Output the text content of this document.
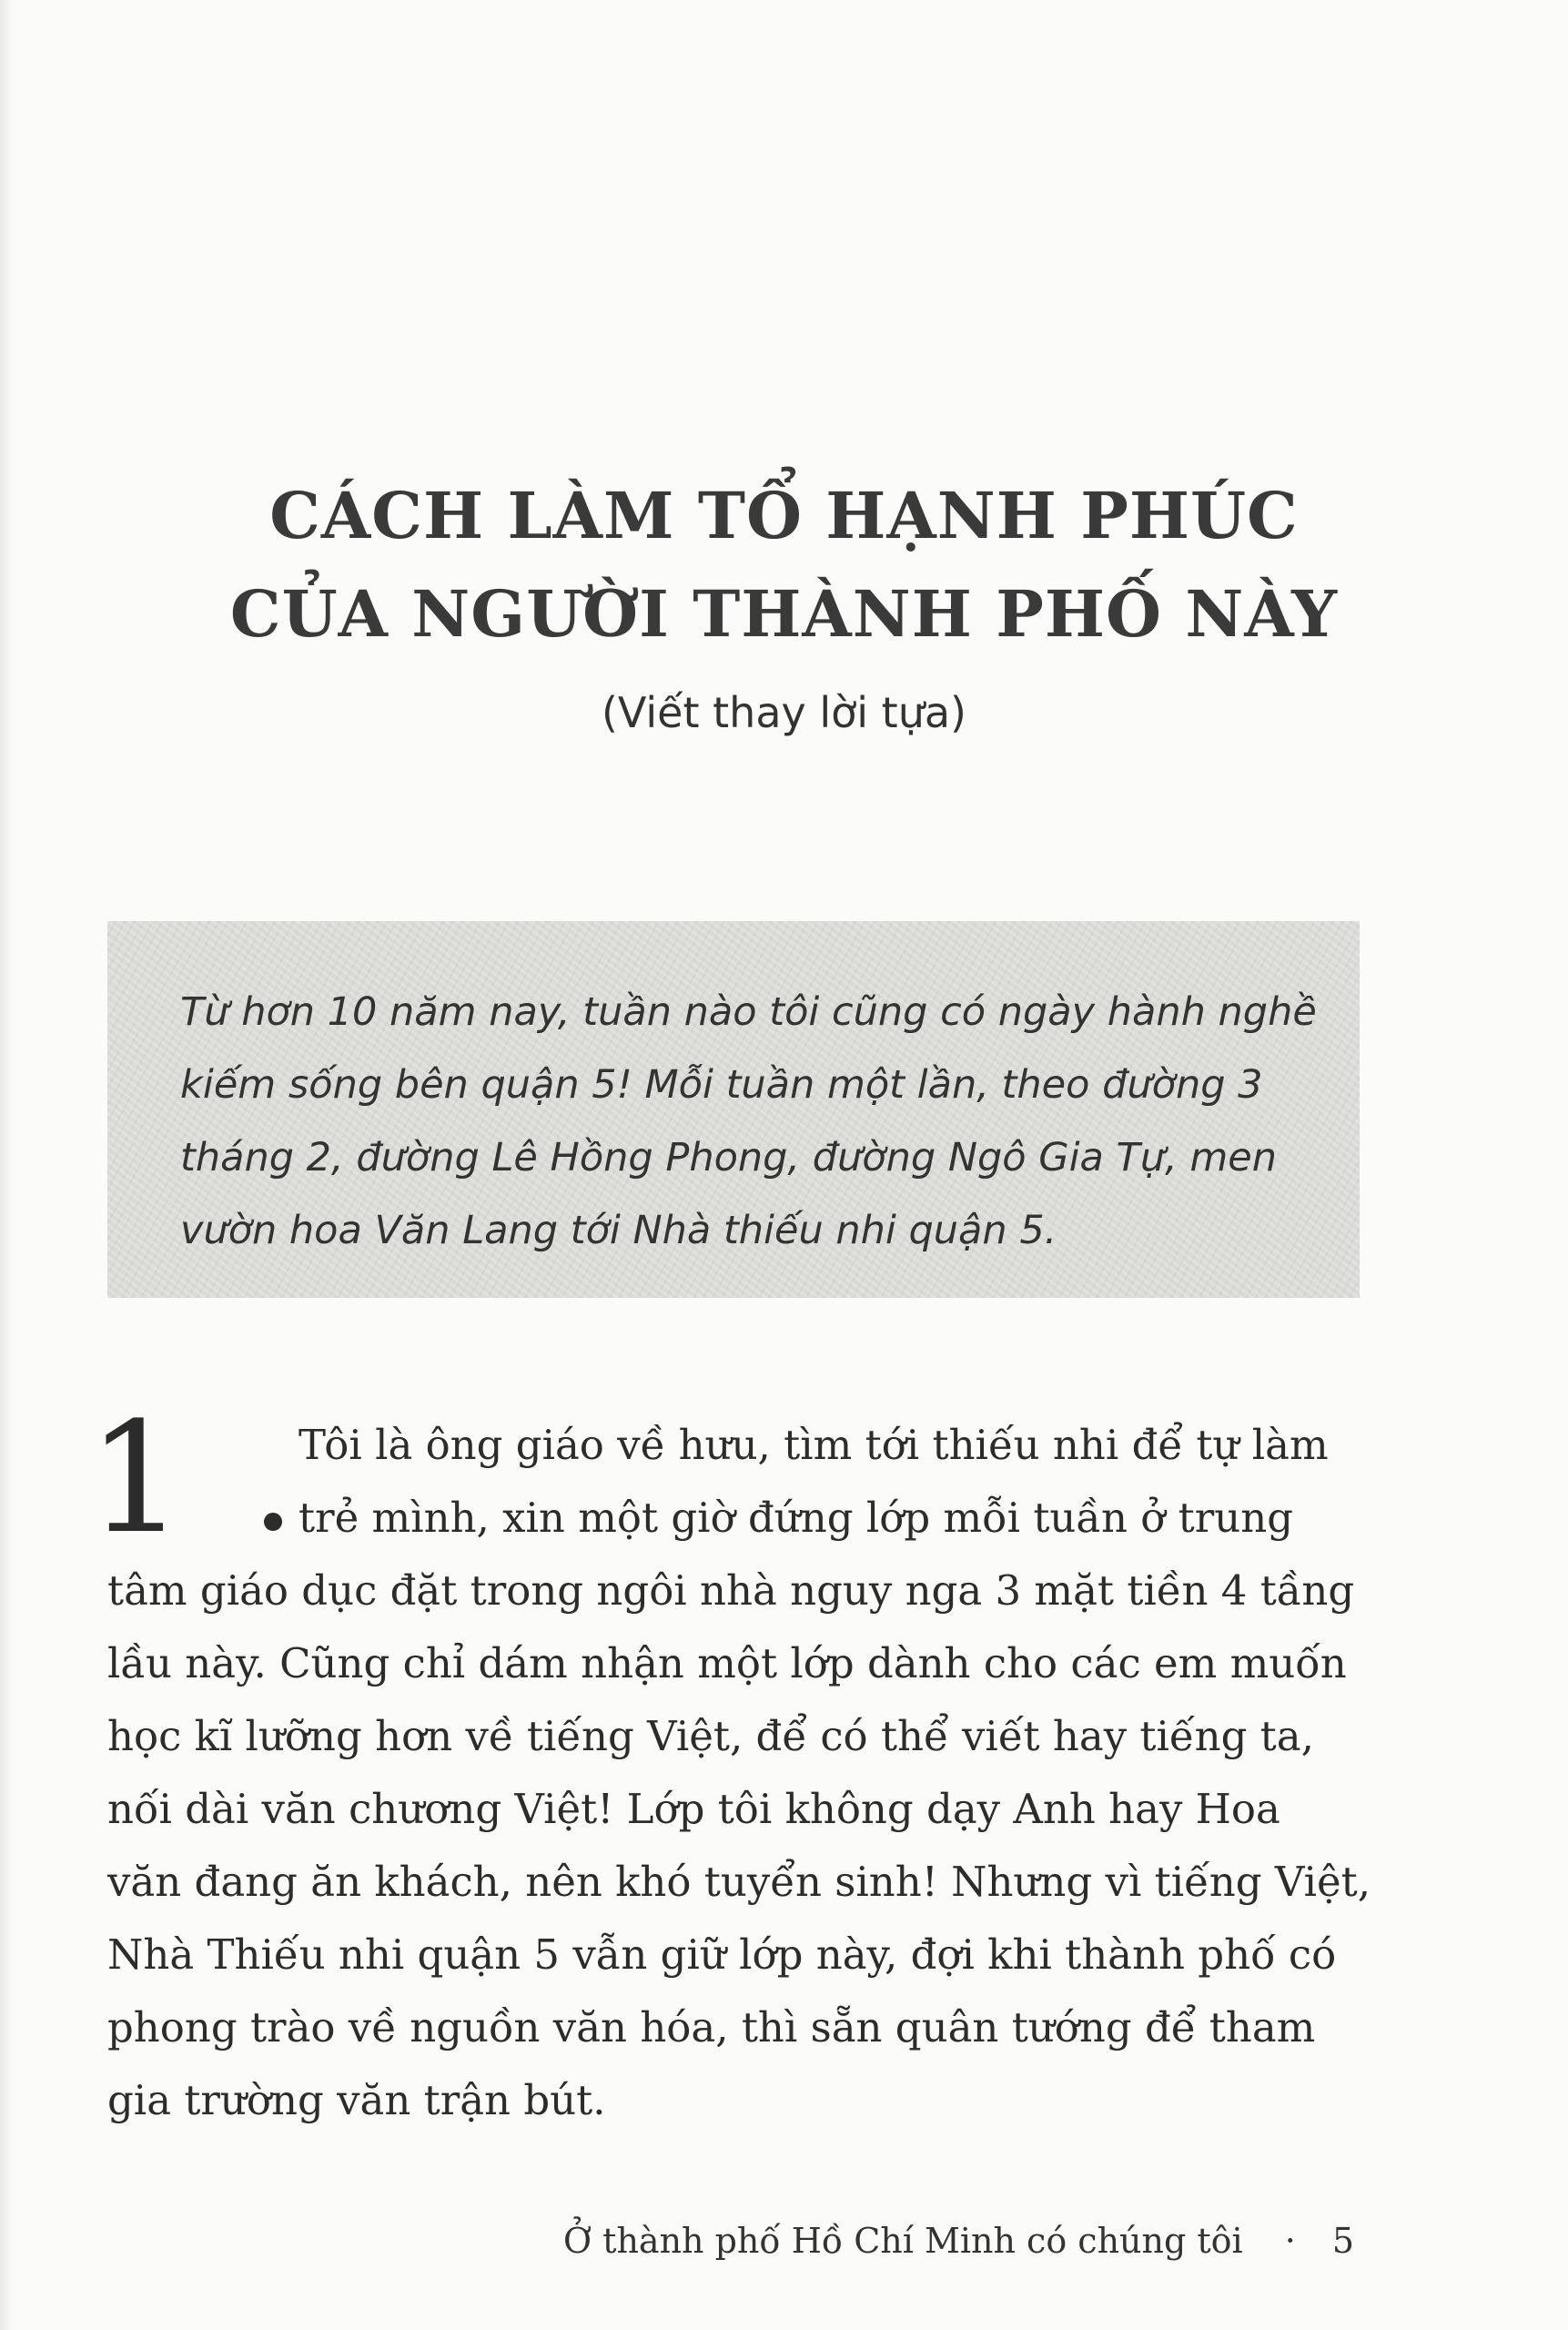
CÁCH LÀM TỔ HẠNH PHÚC
CỦA NGƯỜI THÀNH PHỐ NÀY

(Viết thay lời tựa)

Từ hơn 10 năm nay, tuần nào tôi cũng có ngày hành nghề
kiếm sống bên quận 5! Mỗi tuần một lần, theo đường 3
tháng 2, đường Lê Hồng Phong, đường Ngô Gia Tự, men
vườn hoa Văn Lang tới Nhà thiếu nhi quận 5.

1	Tôi là ông giáo về hưu, tìm tới thiếu nhi để tự làm
trẻ mình, xin một giờ đứng lớp mỗi tuần ở trung
tâm giáo dục đặt trong ngôi nhà nguy nga 3 mặt tiền 4 tầng
lầu này. Cũng chỉ dám nhận một lớp dành cho các em muốn
học kĩ lưỡng hơn về tiếng Việt, để có thể viết hay tiếng ta,
nối dài văn chương Việt! Lớp tôi không dạy Anh hay Hoa
văn đang ăn khách, nên khó tuyển sinh! Nhưng vì tiếng Việt,
Nhà Thiếu nhi quận 5 vẫn giữ lớp này, đợi khi thành phố có
phong trào về nguồn văn hóa, thì sẵn quân tướng để tham
gia trường văn trận bút.
Ở thành phố Hồ Chí Minh có chúng tôi · 5
